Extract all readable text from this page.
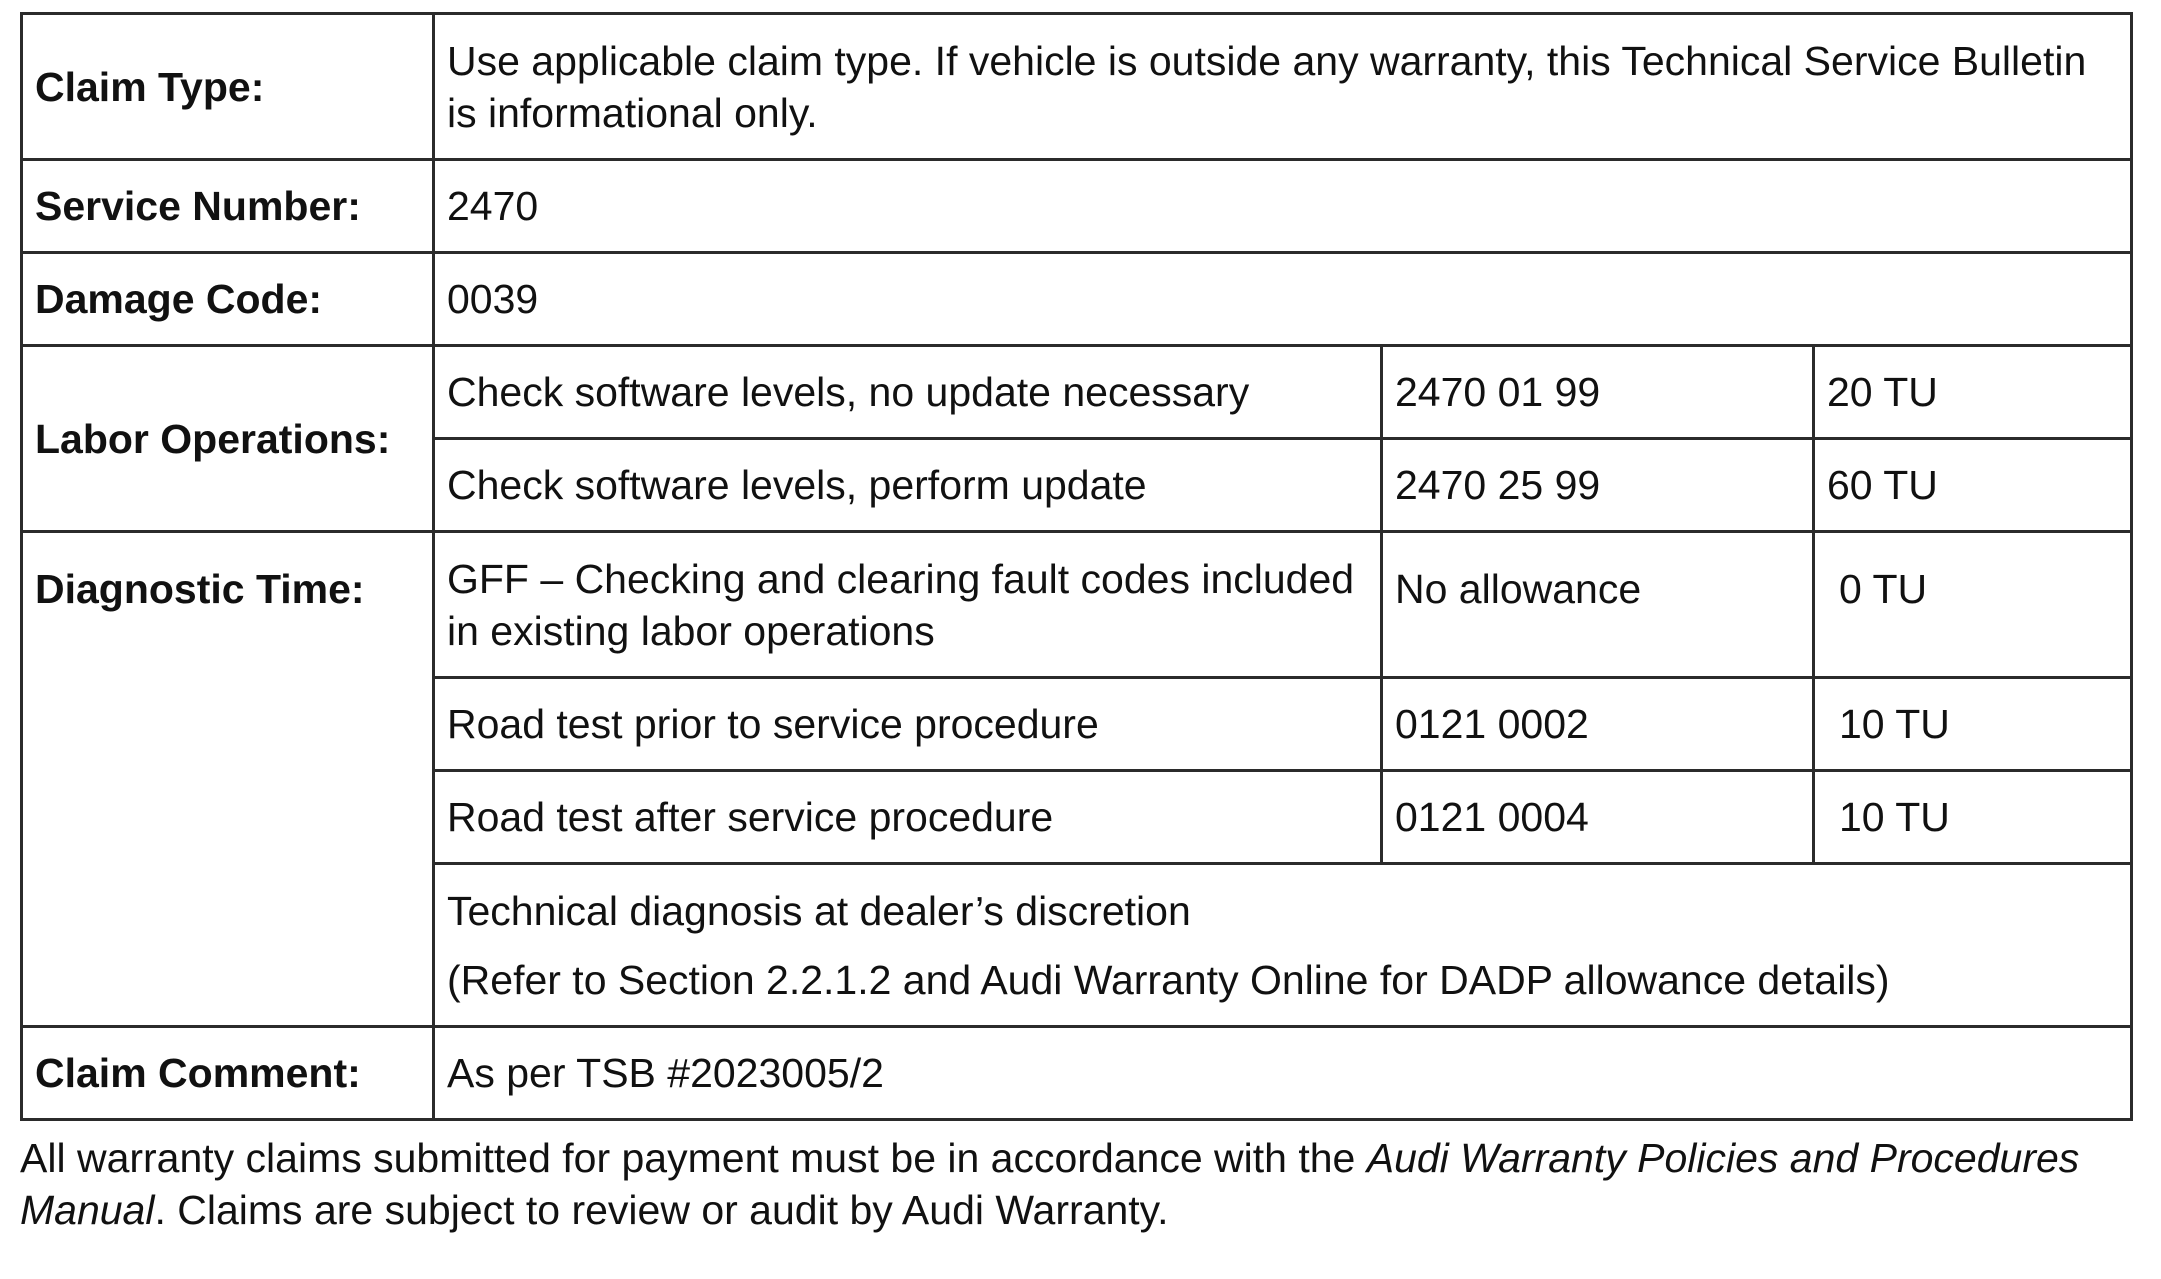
Claim Type:	Use applicable claim type. If vehicle is outside any warranty, this Technical Service Bulletin is informational only.		
Service Number:	2470		
Damage Code:	0039		
Labor Operations:	Check software levels, no update necessary	2470 01 99	20 TU
	Check software levels, perform update	2470 25 99	60 TU
Diagnostic Time:	GFF – Checking and clearing fault codes included in existing labor operations	No allowance	0 TU
	Road test prior to service procedure	0121 0002	10 TU
	Road test after service procedure	0121 0004	10 TU

	Technical diagnosis at dealer’s discretion
(Refer to Section 2.2.1.2 and Audi Warranty Online for DADP allowance details)		

Claim Comment:	As per TSB #2023005/2		

All warranty claims submitted for payment must be in accordance with the Audi Warranty Policies and Procedures Manual. Claims are subject to review or audit by Audi Warranty.
